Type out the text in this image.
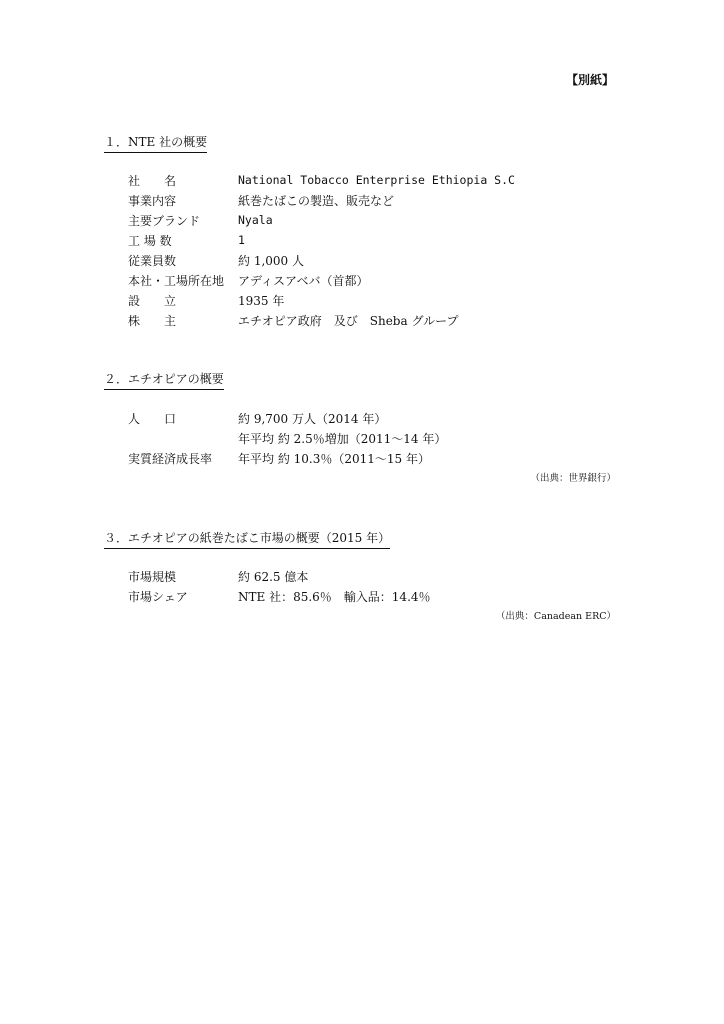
【別紙】
１．NTE 社の概要
社　　名	National Tobacco Enterprise Ethiopia S.C
事業内容	紙巻たばこの製造、販売など
主要ブランド	Nyala
工 場 数	1
従業員数	約 1,000 人
本社・工場所在地	アディスアベバ（首都）
設　　立	1935 年
株　　主	エチオピア政府　及び　Sheba グループ
２．エチオピアの概要
人　　口	約 9,700 万人（2014 年）
年平均 約 2.5％増加（2011～14 年）
実質経済成長率	年平均 約 10.3％（2011～15 年）
（出典：世界銀行）
３．エチオピアの紙巻たばこ市場の概要（2015 年）
市場規模	約 62.5 億本
市場シェア	NTE 社：85.6％　輸入品：14.4％
（出典：Canadean ERC）
